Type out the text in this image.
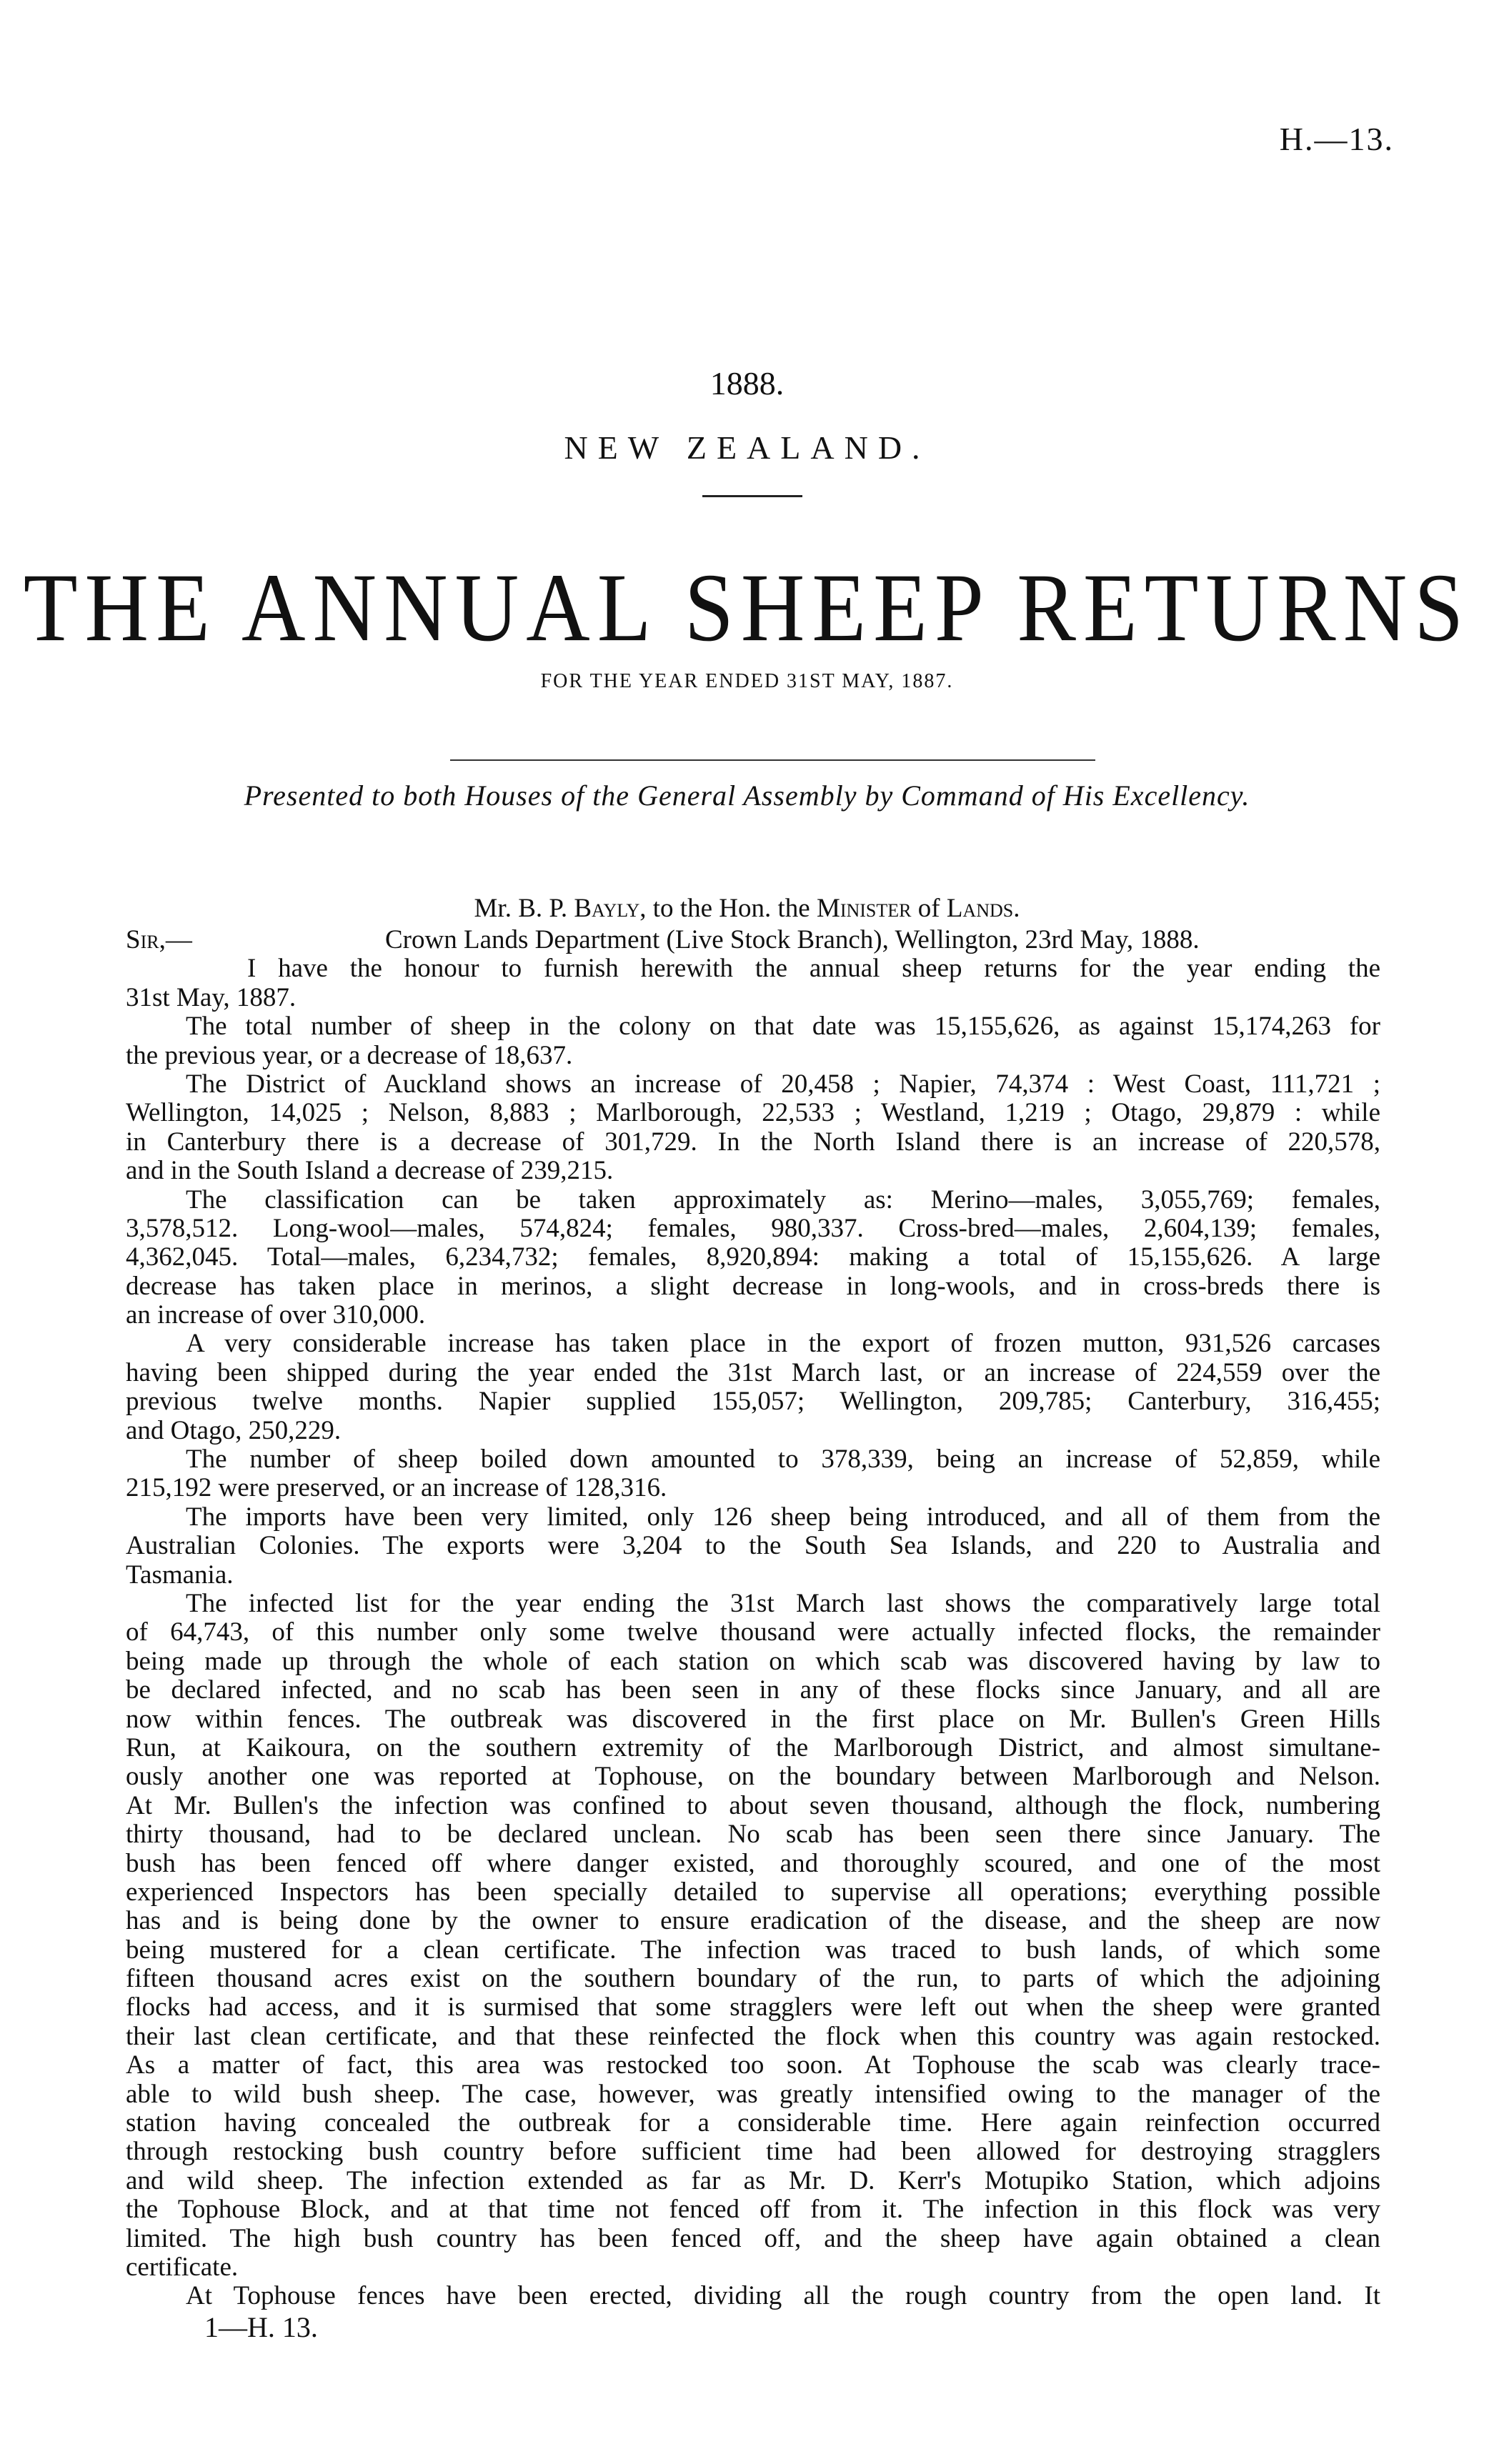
H.—13.
1888.
NEW ZEALAND.
THE ANNUAL SHEEP RETURNS
FOR THE YEAR ENDED 31ST MAY, 1887.
Presented to both Houses of the General Assembly by Command of His Excellency.
Mr. B. P. Bayly, to the Hon. the Minister of Lands.
Sir,—	Crown Lands Department (Live Stock Branch), Wellington, 23rd May, 1888.
I have the honour to furnish herewith the annual sheep returns for the year ending the
31st May, 1887.
The total number of sheep in the colony on that date was 15,155,626, as against 15,174,263 for
the previous year, or a decrease of 18,637.
The District of Auckland shows an increase of 20,458 ; Napier, 74,374 : West Coast, 111,721 ;
Wellington, 14,025 ; Nelson, 8,883 ; Marlborough, 22,533 ; Westland, 1,219 ; Otago, 29,879 : while
in Canterbury there is a decrease of 301,729. In the North Island there is an increase of 220,578,
and in the South Island a decrease of 239,215.
The classification can be taken approximately as: Merino—males, 3,055,769; females,
3,578,512. Long-wool—males, 574,824; females, 980,337. Cross-bred—males, 2,604,139; females,
4,362,045. Total—males, 6,234,732; females, 8,920,894: making a total of 15,155,626. A large
decrease has taken place in merinos, a slight decrease in long-wools, and in cross-breds there is
an increase of over 310,000.
A very considerable increase has taken place in the export of frozen mutton, 931,526 carcases
having been shipped during the year ended the 31st March last, or an increase of 224,559 over the
previous twelve months. Napier supplied 155,057; Wellington, 209,785; Canterbury, 316,455;
and Otago, 250,229.
The number of sheep boiled down amounted to 378,339, being an increase of 52,859, while
215,192 were preserved, or an increase of 128,316.
The imports have been very limited, only 126 sheep being introduced, and all of them from the
Australian Colonies. The exports were 3,204 to the South Sea Islands, and 220 to Australia and
Tasmania.
The infected list for the year ending the 31st March last shows the comparatively large total
of 64,743, of this number only some twelve thousand were actually infected flocks, the remainder
being made up through the whole of each station on which scab was discovered having by law to
be declared infected, and no scab has been seen in any of these flocks since January, and all are
now within fences. The outbreak was discovered in the first place on Mr. Bullen's Green Hills
Run, at Kaikoura, on the southern extremity of the Marlborough District, and almost simultane-
ously another one was reported at Tophouse, on the boundary between Marlborough and Nelson.
At Mr. Bullen's the infection was confined to about seven thousand, although the flock, numbering
thirty thousand, had to be declared unclean. No scab has been seen there since January. The
bush has been fenced off where danger existed, and thoroughly scoured, and one of the most
experienced Inspectors has been specially detailed to supervise all operations; everything possible
has and is being done by the owner to ensure eradication of the disease, and the sheep are now
being mustered for a clean certificate. The infection was traced to bush lands, of which some
fifteen thousand acres exist on the southern boundary of the run, to parts of which the adjoining
flocks had access, and it is surmised that some stragglers were left out when the sheep were granted
their last clean certificate, and that these reinfected the flock when this country was again restocked.
As a matter of fact, this area was restocked too soon. At Tophouse the scab was clearly trace-
able to wild bush sheep. The case, however, was greatly intensified owing to the manager of the
station having concealed the outbreak for a considerable time. Here again reinfection occurred
through restocking bush country before sufficient time had been allowed for destroying stragglers
and wild sheep. The infection extended as far as Mr. D. Kerr's Motupiko Station, which adjoins
the Tophouse Block, and at that time not fenced off from it. The infection in this flock was very
limited. The high bush country has been fenced off, and the sheep have again obtained a clean
certificate.
At Tophouse fences have been erected, dividing all the rough country from the open land. It
1—H. 13.
